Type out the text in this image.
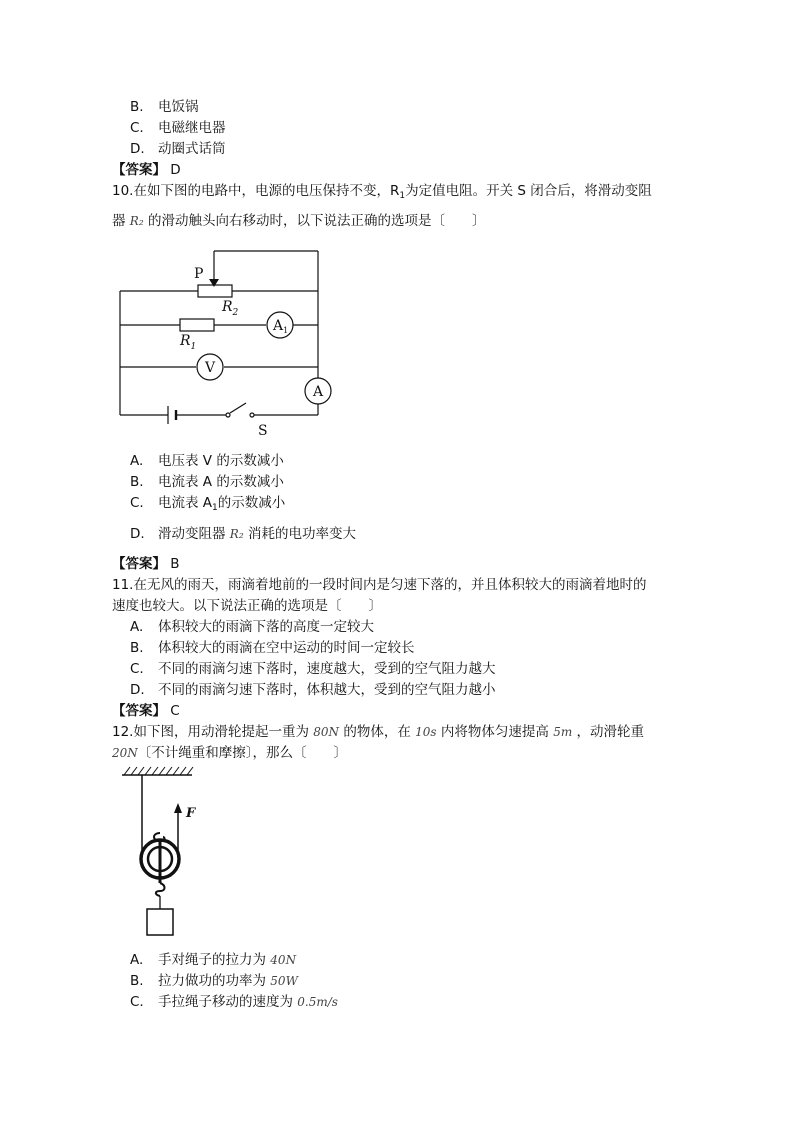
B. 电饭锅
C. 电磁继电器
D. 动圈式话筒
【答案】 D
10.在如下图的电路中，电源的电压保持不变，$R_1$为定值电阻。开关 S 闭合后，将滑动变阻
器 R₂ 的滑动触头向右移动时，以下说法正确的选项是〔　　〕
P
$R_2$
$R_1$
$A_1$
V
A
S
A. 电压表 V 的示数减小
B. 电流表 A 的示数减小
C. 电流表 $A_1$的示数减小
D. 滑动变阻器 R₂ 消耗的电功率变大
【答案】 B
11.在无风的雨天，雨滴着地前的一段时间内是匀速下落的，并且体积较大的雨滴着地时的
速度也较大。以下说法正确的选项是〔　　〕
A. 体积较大的雨滴下落的高度一定较大
B. 体积较大的雨滴在空中运动的时间一定较长
C. 不同的雨滴匀速下落时，速度越大，受到的空气阻力越大
D. 不同的雨滴匀速下落时，体积越大，受到的空气阻力越小
【答案】 C
12.如下图，用动滑轮提起一重为 80N 的物体，在 10s 内将物体匀速提高 5m ，动滑轮重
20N〔不计绳重和摩擦〕，那么〔　　〕
F
A. 手对绳子的拉力为 40N
B. 拉力做功的功率为 50W
C. 手拉绳子移动的速度为 0.5m/s
